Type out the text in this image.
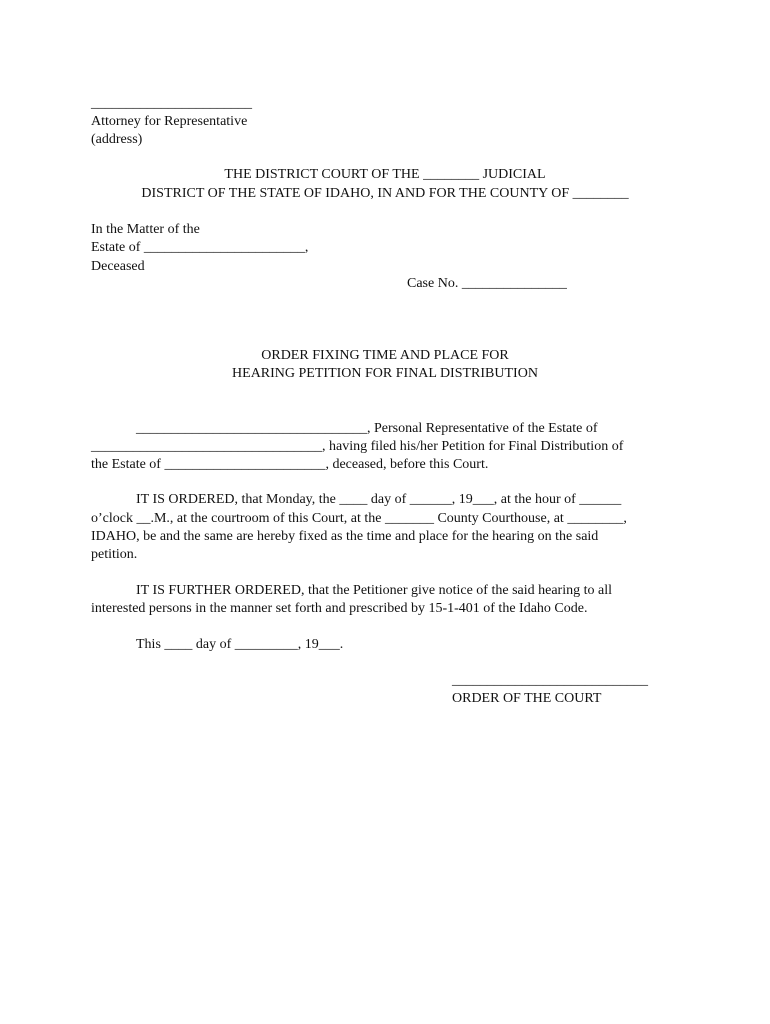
_______________________
Attorney for Representative
(address)
THE DISTRICT COURT OF THE ________ JUDICIAL
DISTRICT OF THE STATE OF IDAHO, IN AND FOR THE COUNTY OF ________
In the Matter of the
Estate of _______________________,
Deceased
Case No. _______________
ORDER FIXING TIME AND PLACE FOR
HEARING PETITION FOR FINAL DISTRIBUTION
_________________________________, Personal Representative of the Estate of
_________________________________, having filed his/her Petition for Final Distribution of
the Estate of _______________________, deceased, before this Court.
IT IS ORDERED, that Monday, the ____ day of ______, 19___, at the hour of ______
o’clock __.M., at the courtroom of this Court, at the _______ County Courthouse, at ________,
IDAHO, be and the same are hereby fixed as the time and place for the hearing on the said
petition.
IT IS FURTHER ORDERED, that the Petitioner give notice of the said hearing to all
interested persons in the manner set forth and prescribed by 15-1-401 of the Idaho Code.
This ____ day of _________, 19___.
____________________________
ORDER OF THE COURT
